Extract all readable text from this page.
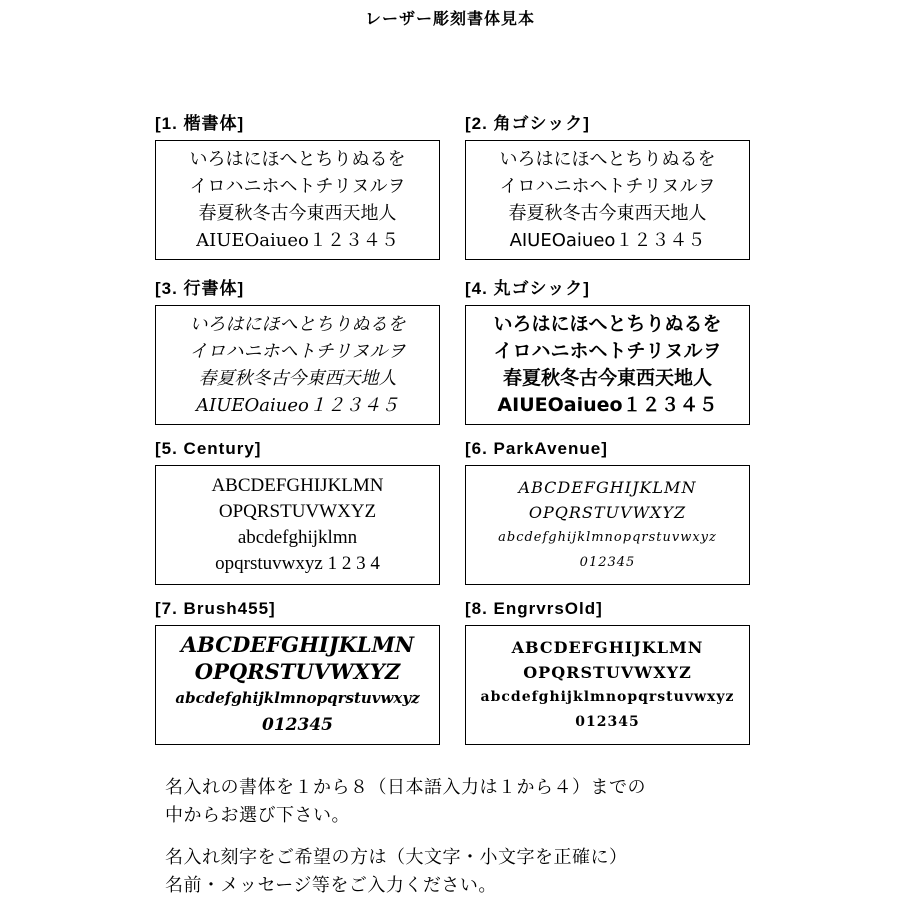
レーザー彫刻書体見本
[1. 楷書体]
いろはにほへとちりぬるを
イロハニホヘトチリヌルヲ
春夏秋冬古今東西天地人
AIUEOaiueo１２３４５
[2. 角ゴシック]
いろはにほへとちりぬるを
イロハニホヘトチリヌルヲ
春夏秋冬古今東西天地人
AIUEOaiueo１２３４５
[3. 行書体]
いろはにほへとちりぬるを
イロハニホヘトチリヌルヲ
春夏秋冬古今東西天地人
AIUEOaiueo１２３４５
[4. 丸ゴシック]
いろはにほへとちりぬるを
イロハニホヘトチリヌルヲ
春夏秋冬古今東西天地人
AIUEOaiueo１２３４５
[5. Century]
ABCDEFGHIJKLMN
OPQRSTUVWXYZ
abcdefghijklmn
opqrstuvwxyz 1 2 3 4
[6. ParkAvenue]
ABCDEFGHIJKLMN
OPQRSTUVWXYZ
abcdefghijklmnopqrstuvwxyz
012345
[7. Brush455]
ABCDEFGHIJKLMN
OPQRSTUVWXYZ
abcdefghijklmnopqrstuvwxyz
012345
[8. EngrvrsOld]
ABCDEFGHIJKLMN
OPQRSTUVWXYZ
abcdefghijklmnopqrstuvwxyz
012345
名入れの書体を１から８（日本語入力は１から４）までの
中からお選び下さい。
名入れ刻字をご希望の方は（大文字・小文字を正確に）
名前・メッセージ等をご入力ください。
